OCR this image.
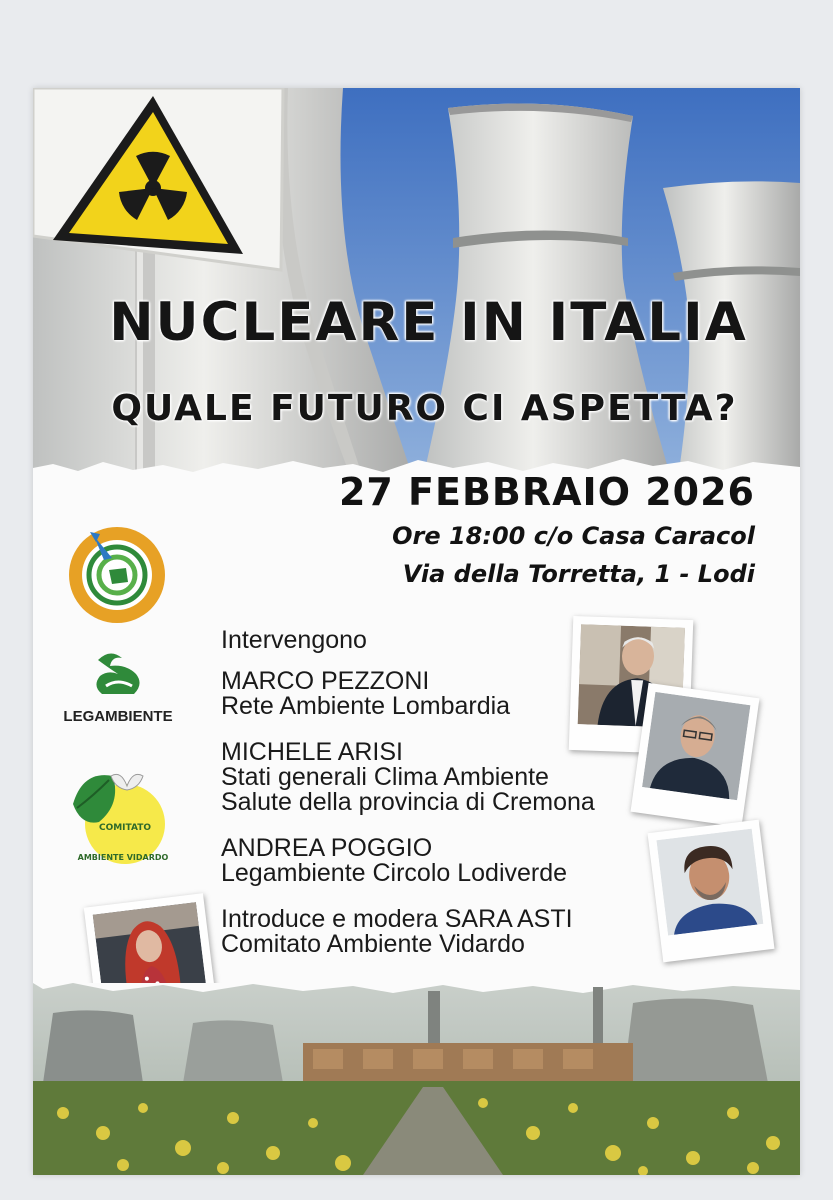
NUCLEARE IN ITALIA
QUALE FUTURO CI ASPETTA?
27 FEBBRAIO 2026
Ore 18:00 c/o Casa Caracol
Via della Torretta, 1 - Lodi
LEGAMBIENTE
COMITATO
AMBIENTE VIDARDO
Intervengono
MARCO PEZZONI
Rete Ambiente Lombardia
MICHELE ARISI
Stati generali Clima Ambiente
Salute della provincia di Cremona
ANDREA POGGIO
Legambiente Circolo Lodiverde
Introduce e modera SARA ASTI
Comitato Ambiente Vidardo
